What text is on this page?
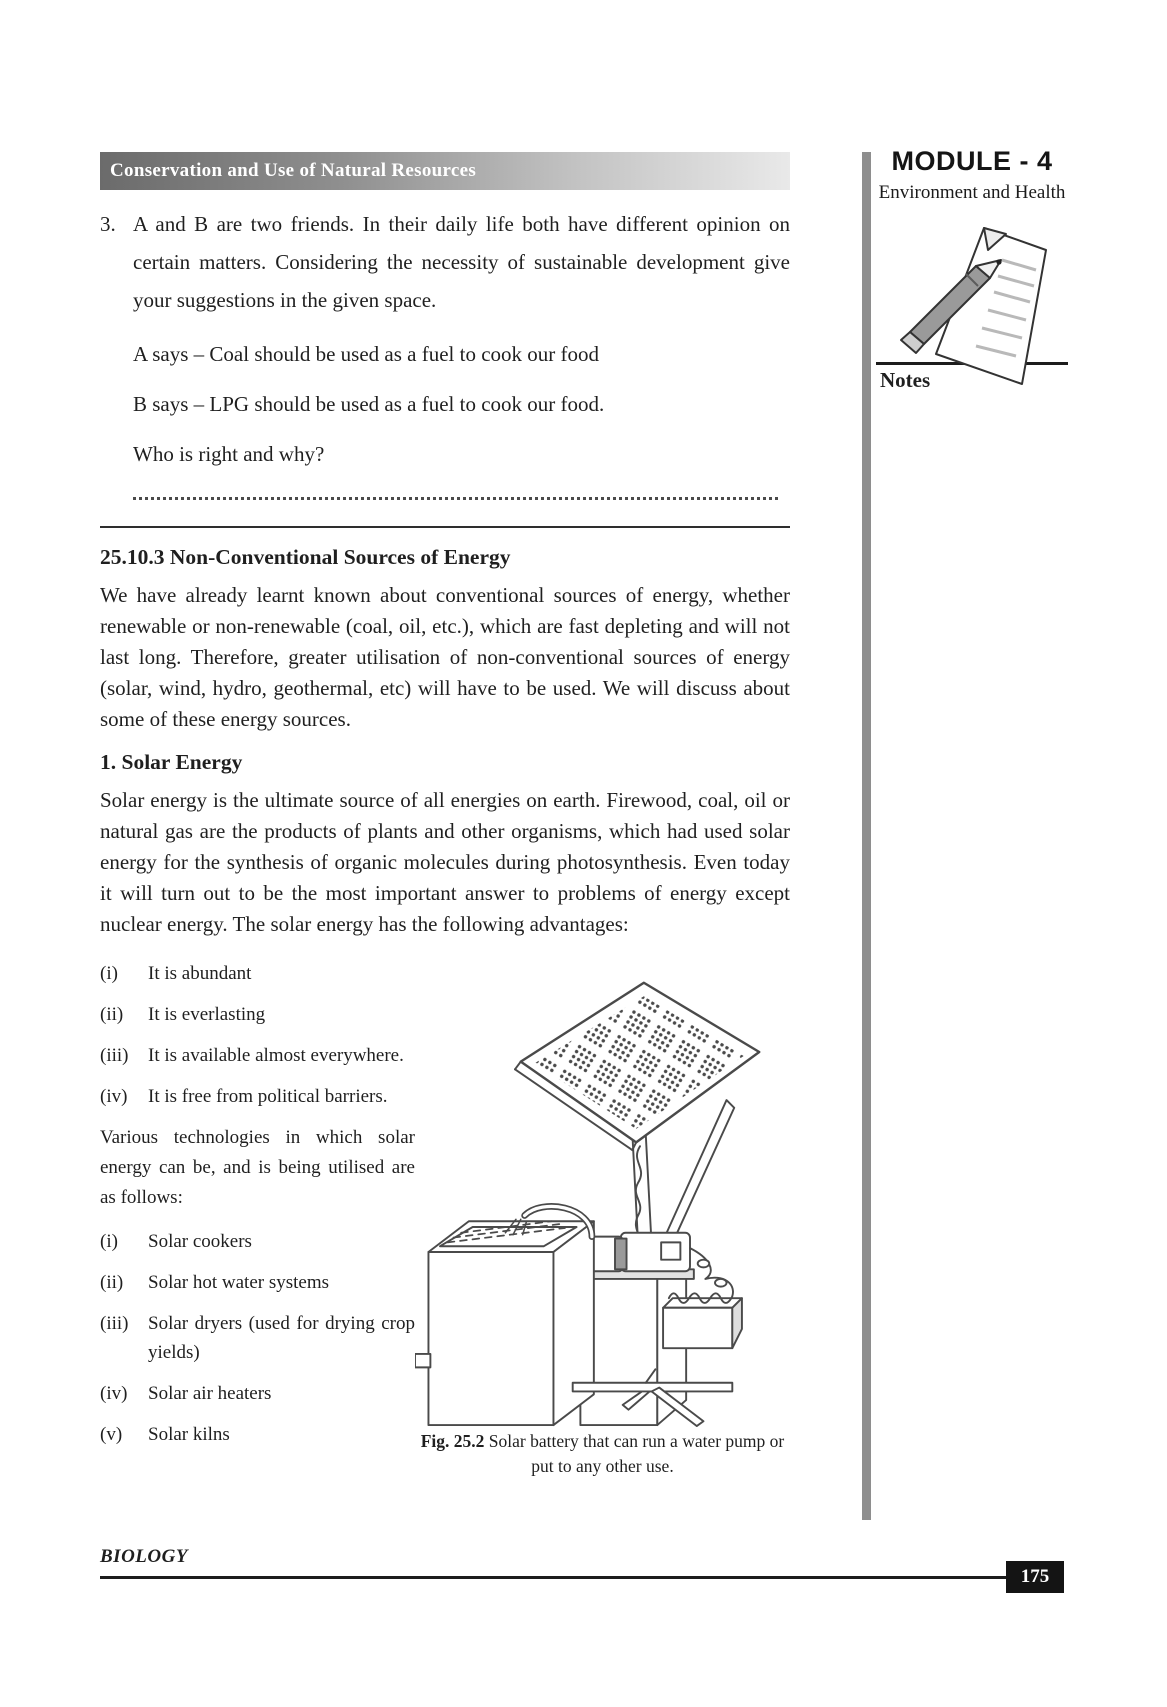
Conservation and Use of Natural Resources	MODULE - 4
Environment and Health
Notes
3. A and B are two friends. In their daily life both have different opinion on certain matters. Considering the necessity of sustainable development give your suggestions in the given space.
A says – Coal should be used as a fuel to cook our food
B says – LPG should be used as a fuel to cook our food.
Who is right and why?
25.10.3 Non-Conventional Sources of Energy
We have already learnt known about conventional sources of energy, whether renewable or non-renewable (coal, oil, etc.), which are fast depleting and will not last long. Therefore, greater utilisation of non-conventional sources of energy (solar, wind, hydro, geothermal, etc) will have to be used. We will discuss about some of these energy sources.
1. Solar Energy
Solar energy is the ultimate source of all energies on earth. Firewood, coal, oil or natural gas are the products of plants and other organisms, which had used solar energy for the synthesis of organic molecules during photosynthesis. Even today it will turn out to be the most important answer to problems of energy except nuclear energy. The solar energy has the following advantages:
(i)	It is abundant
(ii)	It is everlasting
(iii)	It is available almost everywhere.
(iv)	It is free from political barriers.
Various technologies in which solar energy can be, and is being utilised are as follows:
(i)	Solar cookers
(ii)	Solar hot water systems
(iii)	Solar dryers (used for drying crop yields)
(iv)	Solar air heaters
(v)	Solar kilns	Fig. 25.2 Solar battery that can run a water pump or put to any other use.
BIOLOGY
175
